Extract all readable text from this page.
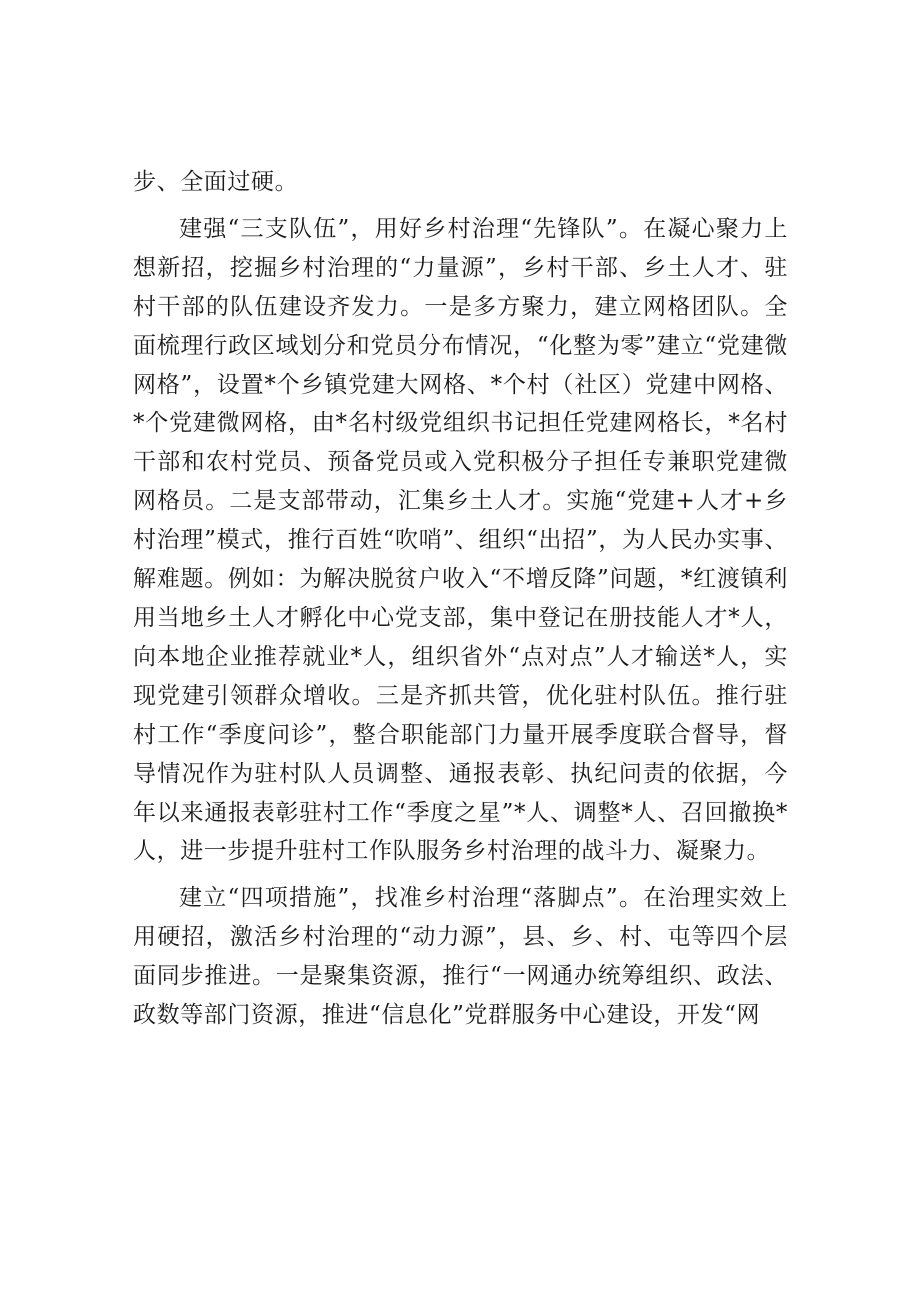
步、全面过硬。

建强“三支队伍”，用好乡村治理“先锋队”。在凝心聚力上想新招，挖掘乡村治理的“力量源”，乡村干部、乡土人才、驻村干部的队伍建设齐发力。一是多方聚力，建立网格团队。全面梳理行政区域划分和党员分布情况，“化整为零”建立“党建微网格”，设置*个乡镇党建大网格、*个村（社区）党建中网格、*个党建微网格，由*名村级党组织书记担任党建网格长，*名村干部和农村党员、预备党员或入党积极分子担任专兼职党建微网格员。二是支部带动，汇集乡土人才。实施“党建+人才+乡村治理”模式，推行百姓“吹哨”、组织“出招”，为人民办实事、解难题。例如：为解决脱贫户收入“不增反降”问题，*红渡镇利用当地乡土人才孵化中心党支部，集中登记在册技能人才*人，向本地企业推荐就业*人，组织省外“点对点”人才输送*人，实现党建引领群众增收。三是齐抓共管，优化驻村队伍。推行驻村工作“季度问诊”，整合职能部门力量开展季度联合督导，督导情况作为驻村队人员调整、通报表彰、执纪问责的依据，今年以来通报表彰驻村工作“季度之星”*人、调整*人、召回撤换*人，进一步提升驻村工作队服务乡村治理的战斗力、凝聚力。

建立“四项措施”，找准乡村治理“落脚点”。在治理实效上用硬招，激活乡村治理的“动力源”，县、乡、村、屯等四个层面同步推进。一是聚集资源，推行“一网通办统筹组织、政法、政数等部门资源，推进“信息化”党群服务中心建设，开发“网
